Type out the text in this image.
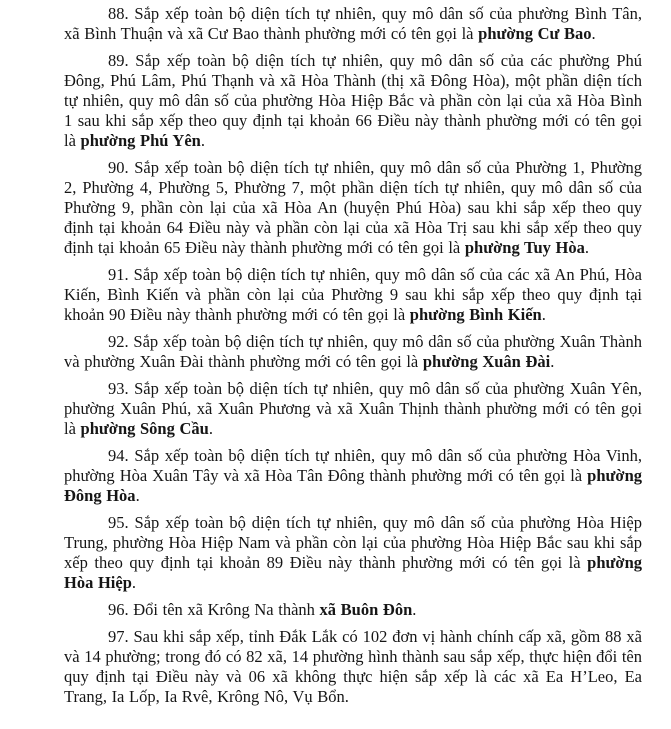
88. Sắp xếp toàn bộ diện tích tự nhiên, quy mô dân số của phường Bình Tân, xã Bình Thuận và xã Cư Bao thành phường mới có tên gọi là phường Cư Bao.

89. Sắp xếp toàn bộ diện tích tự nhiên, quy mô dân số của các phường Phú Đông, Phú Lâm, Phú Thạnh và xã Hòa Thành (thị xã Đông Hòa), một phần diện tích tự nhiên, quy mô dân số của phường Hòa Hiệp Bắc và phần còn lại của xã Hòa Bình 1 sau khi sắp xếp theo quy định tại khoản 66 Điều này thành phường mới có tên gọi là phường Phú Yên.

90. Sắp xếp toàn bộ diện tích tự nhiên, quy mô dân số của Phường 1, Phường 2, Phường 4, Phường 5, Phường 7, một phần diện tích tự nhiên, quy mô dân số của Phường 9, phần còn lại của xã Hòa An (huyện Phú Hòa) sau khi sắp xếp theo quy định tại khoản 64 Điều này và phần còn lại của xã Hòa Trị sau khi sắp xếp theo quy định tại khoản 65 Điều này thành phường mới có tên gọi là phường Tuy Hòa.

91. Sắp xếp toàn bộ diện tích tự nhiên, quy mô dân số của các xã An Phú, Hòa Kiến, Bình Kiến và phần còn lại của Phường 9 sau khi sắp xếp theo quy định tại khoản 90 Điều này thành phường mới có tên gọi là phường Bình Kiến.

92. Sắp xếp toàn bộ diện tích tự nhiên, quy mô dân số của phường Xuân Thành và phường Xuân Đài thành phường mới có tên gọi là phường Xuân Đài.

93. Sắp xếp toàn bộ diện tích tự nhiên, quy mô dân số của phường Xuân Yên, phường Xuân Phú, xã Xuân Phương và xã Xuân Thịnh thành phường mới có tên gọi là phường Sông Cầu.

94. Sắp xếp toàn bộ diện tích tự nhiên, quy mô dân số của phường Hòa Vinh, phường Hòa Xuân Tây và xã Hòa Tân Đông thành phường mới có tên gọi là phường Đông Hòa.

95. Sắp xếp toàn bộ diện tích tự nhiên, quy mô dân số của phường Hòa Hiệp Trung, phường Hòa Hiệp Nam và phần còn lại của phường Hòa Hiệp Bắc sau khi sắp xếp theo quy định tại khoản 89 Điều này thành phường mới có tên gọi là phường Hòa Hiệp.

96. Đổi tên xã Krông Na thành xã Buôn Đôn.

97. Sau khi sắp xếp, tỉnh Đắk Lắk có 102 đơn vị hành chính cấp xã, gồm 88 xã và 14 phường; trong đó có 82 xã, 14 phường hình thành sau sắp xếp, thực hiện đổi tên quy định tại Điều này và 06 xã không thực hiện sắp xếp là các xã Ea H’Leo, Ea Trang, Ia Lốp, Ia Rvê, Krông Nô, Vụ Bổn.
